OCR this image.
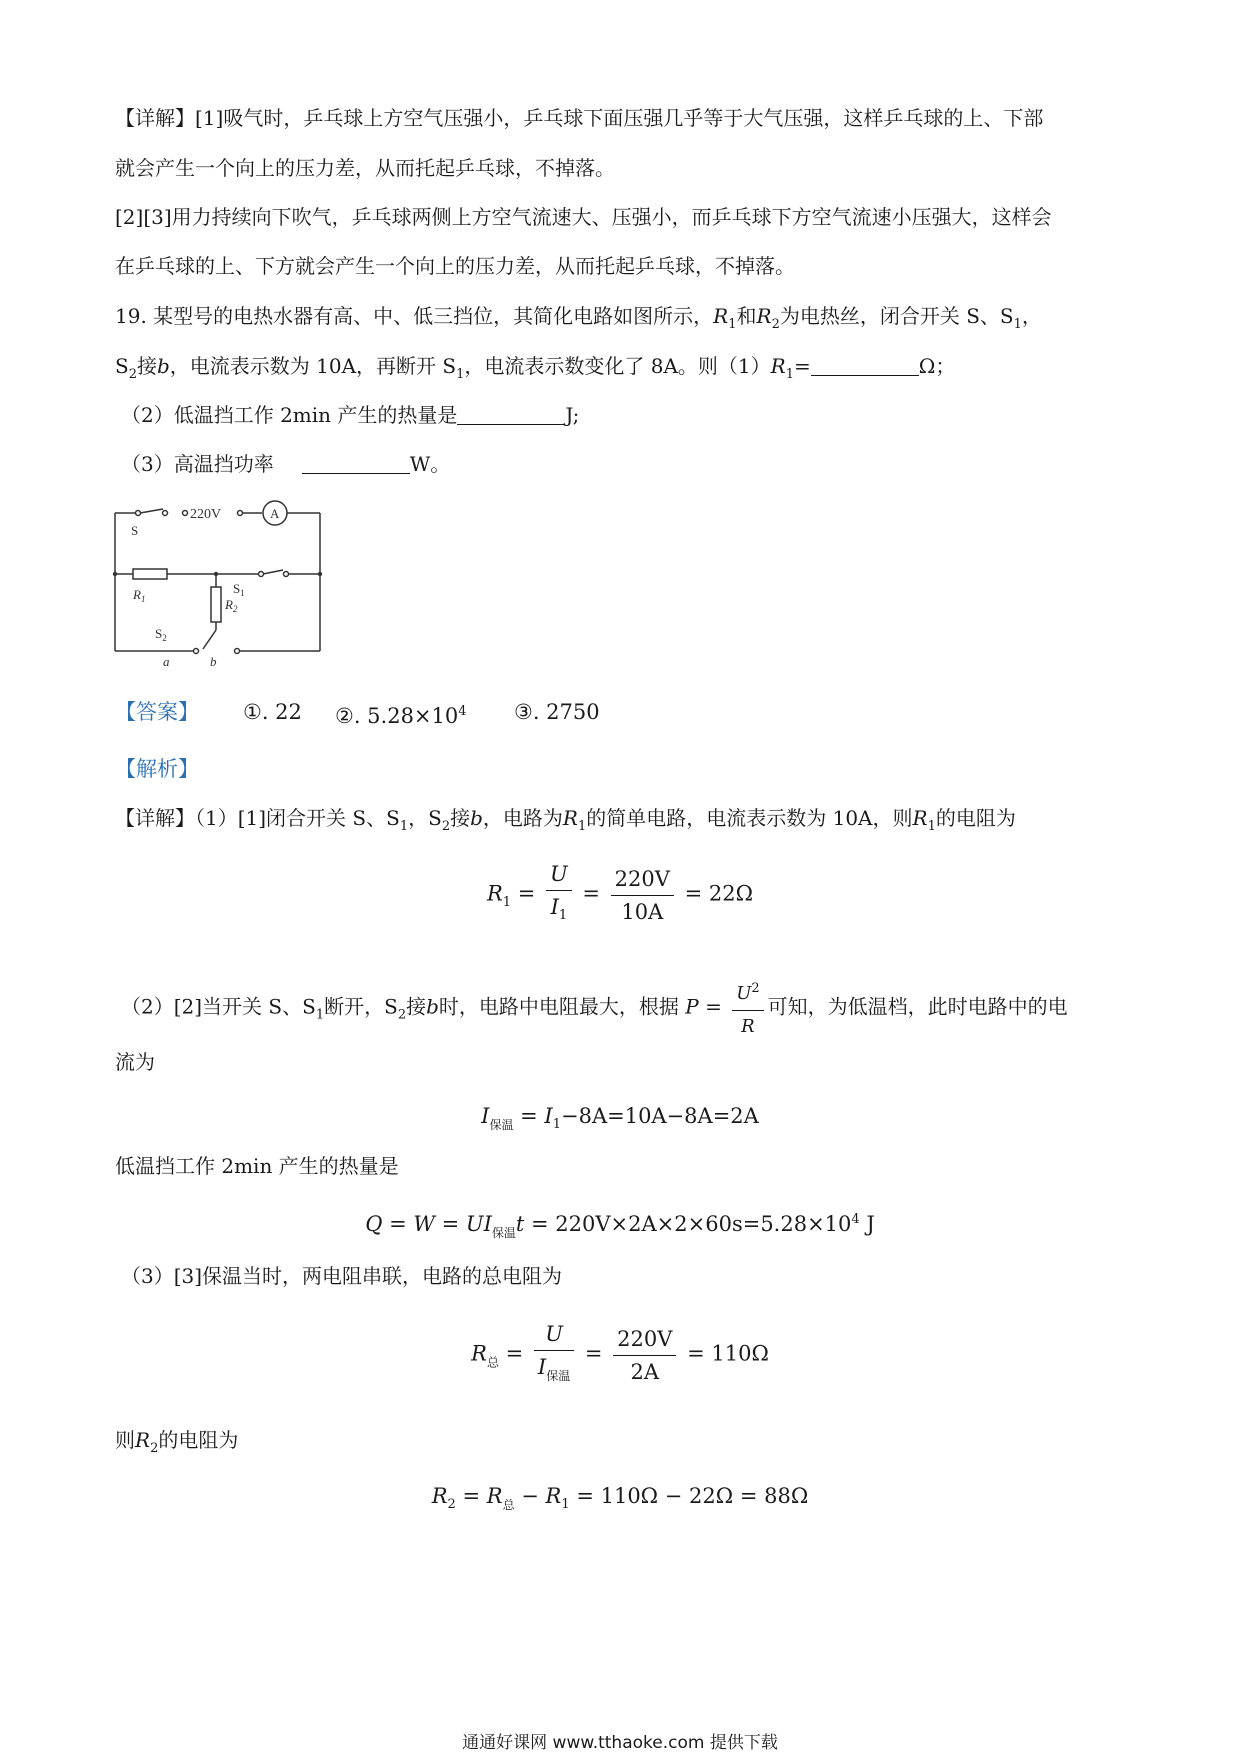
【详解】[1]吸气时，乒乓球上方空气压强小，乒乓球下面压强几乎等于大气压强，这样乒乓球的上、下部
就会产生一个向上的压力差，从而托起乒乓球，不掉落。
[2][3]用力持续向下吹气，乒乓球两侧上方空气流速大、压强小，而乒乓球下方空气流速小压强大，这样会
在乒乓球的上、下方就会产生一个向上的压力差，从而托起乒乓球，不掉落。
19. 某型号的电热水器有高、中、低三挡位，其简化电路如图所示，$R_1$和$R_2$为电热丝，闭合开关 S、$S_1$，
$S_2$接b，电流表示数为 10A，再断开 $S_1$，电流表示数变化了 8A。则$(1)R_1=$	Ω；
（2）低温挡工作 2min 产生的热量是	J;
（3）高温挡功率	W。
220V	A
S
$R_1$
$S_1$
$R_2$
$S_2$
a	b
【答案】 ①. 22 ②. $5.28\times 10^4$ ③. 2750
【解析】
【详解】（1）[1]闭合开关 S、$S_1$，$S_2$接b，电路为$R_1$的简单电路，电流表示数为 10A，则$R_1$的电阻为
$R_1 = \frac{U}{I_1} = \frac{220V}{10A} = 22\Omega$
（2）[2]当开关 S、$S_1$断开，$S_2$接b时，电路中电阻最大，根据 $P = \frac{U^2}{R}$ 可知，为低温档，此时电路中的电
流为
$I_{保温} = I_1-8A=10A-8A=2A$
低温挡工作 2min 产生的热量是
$Q = W = UI_{保温}t = 220V\times 2A\times 2\times 60s=5.28\times 10^4$ J
（3）[3]保温当时，两电阻串联，电路的总电阻为
$R_总 = \frac{U}{I_{保温}} = \frac{220V}{2A} = 110\Omega$
则$R_2$的电阻为
$R_2 = R_总 - R_1 = 110\Omega - 22\Omega = 88\Omega$
通通好课网 www.tthaoke.com 提供下载
